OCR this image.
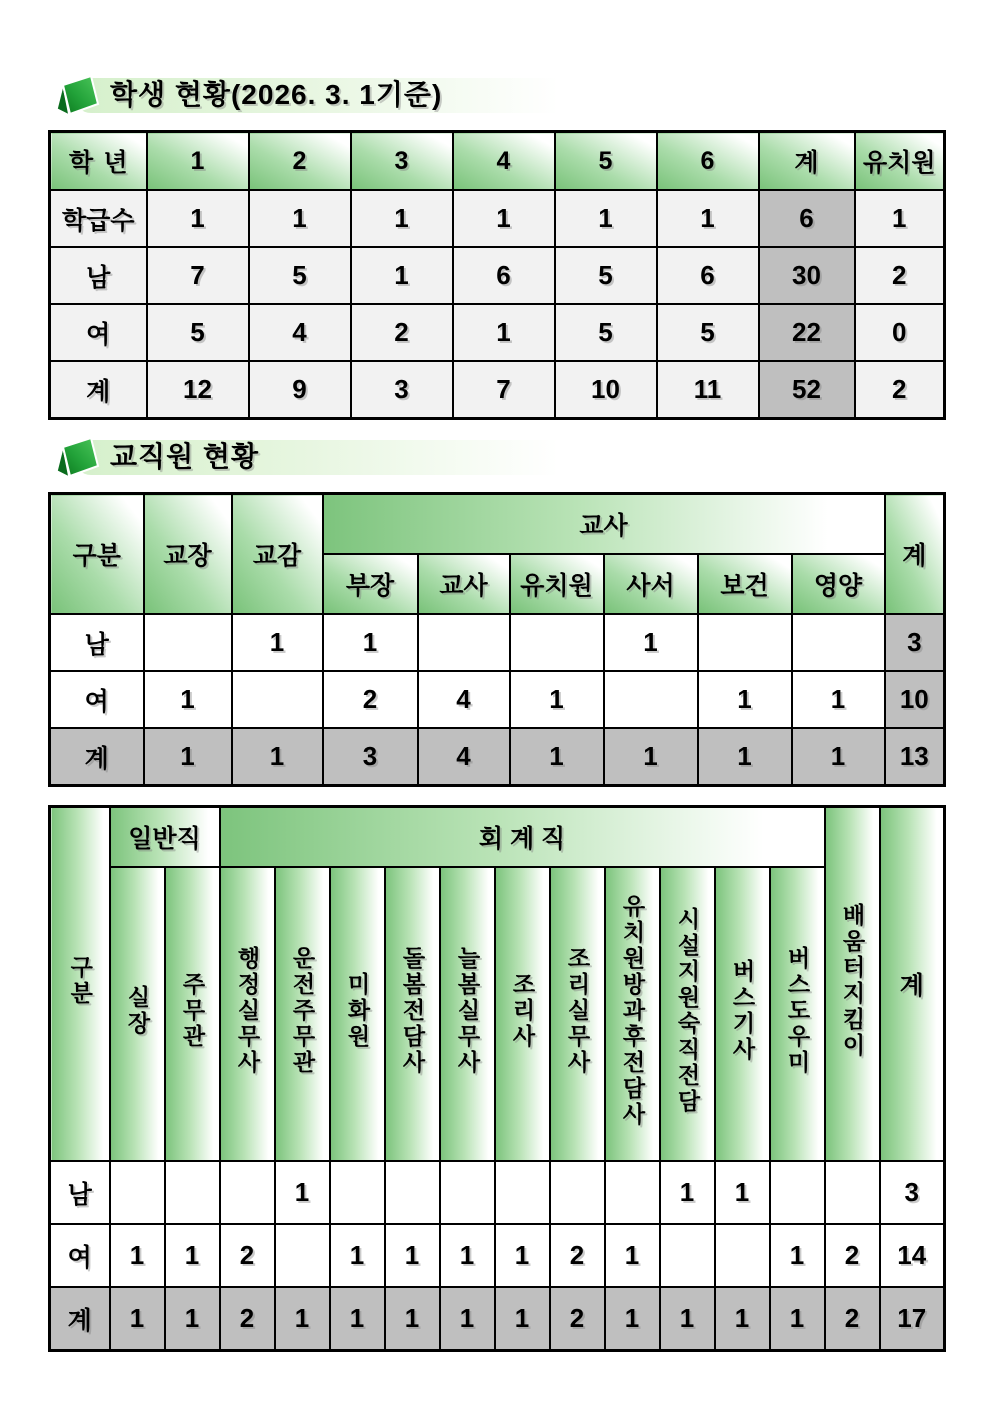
학생 현황(2026. 3. 1기준)
학 년	1	2	3	4	5	6	계	유치원
학급수	1	1	1	1	1	1	6	1
남	7	5	1	6	5	6	30	2
여	5	4	2	1	5	5	22	0
계	12	9	3	7	10	11	52	2
교직원 현황
구분	교장	교감	교사						계
			부장	교사	유치원	사서	보건	영양	
남		1	1			1			3
여	1		2	4	1		1	1	10
계	1	1	3	4	1	1	1	1	13
구분	일반직		회 계 직											배움터지킴이	계
	실장	주무관	행정실무사	운전주무관	미화원	돌봄전담사	늘봄실무사	조리사	조리실무사	유치원방과후전담사	시설지원숙직전담	버스기사	버스도우미		
남				1							1	1			3
여	1	1	2		1	1	1	1	2	1			1	2	14
계	1	1	2	1	1	1	1	1	2	1	1	1	1	2	17
